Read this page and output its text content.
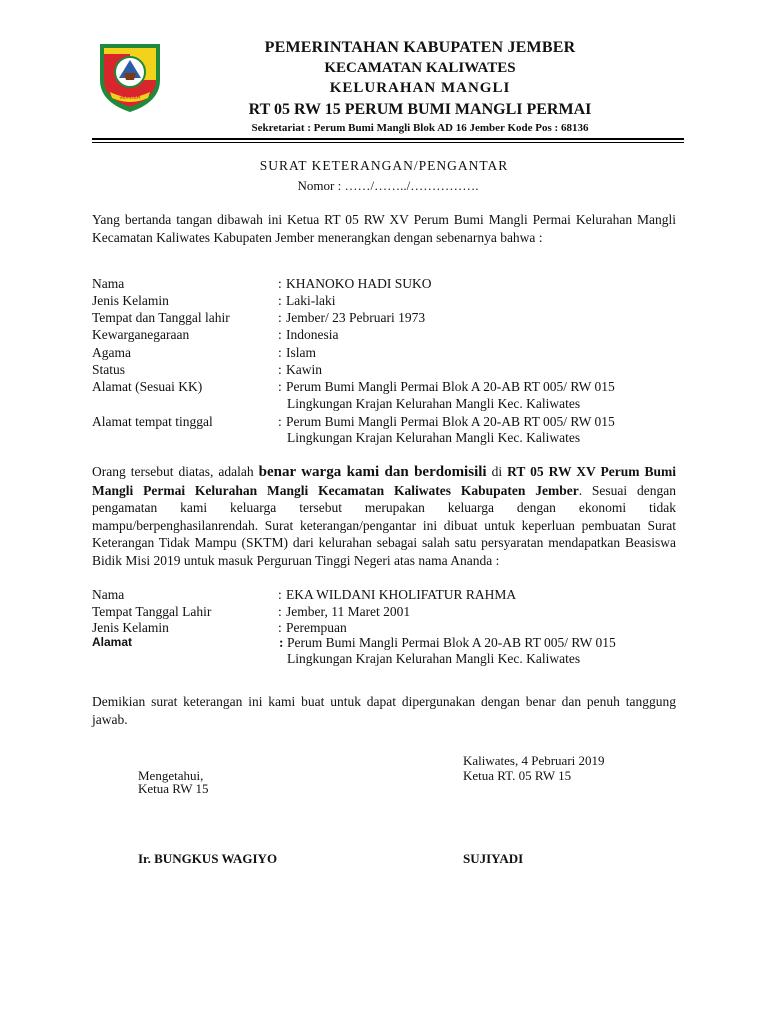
JEMBER
PEMERINTAHAN KABUPATEN JEMBER
KECAMATAN KALIWATES
KELURAHAN MANGLI
RT 05 RW 15 PERUM BUMI MANGLI PERMAI
Sekretariat : Perum Bumi Mangli Blok AD 16 Jember Kode Pos : 68136
SURAT KETERANGAN/PENGANTAR
Nomor : ……/……../…………….
Yang bertanda tangan dibawah ini Ketua RT 05 RW XV Perum Bumi Mangli Permai Kelurahan Mangli Kecamatan Kaliwates Kabupaten Jember menerangkan dengan sebenarnya bahwa :
Nama	: KHANOKO HADI SUKO
Jenis Kelamin	: Laki-laki
Tempat dan Tanggal lahir	: Jember/ 23 Pebruari 1973
Kewarganegaraan	: Indonesia
Agama	: Islam
Status	: Kawin
Alamat (Sesuai KK)	: Perum Bumi Mangli Permai Blok A 20-AB RT 005/ RW 015
Lingkungan Krajan Kelurahan Mangli Kec. Kaliwates
Alamat tempat tinggal	: Perum Bumi Mangli Permai Blok A 20-AB RT 005/ RW 015
Lingkungan Krajan Kelurahan Mangli Kec. Kaliwates
Orang tersebut diatas, adalah benar warga kami dan berdomisili di RT 05 RW XV Perum Bumi Mangli Permai Kelurahan Mangli Kecamatan Kaliwates Kabupaten Jember. Sesuai dengan pengamatan kami keluarga tersebut merupakan keluarga dengan ekonomi tidak mampu/berpenghasilanrendah. Surat keterangan/pengantar ini dibuat untuk keperluan pembuatan Surat Keterangan Tidak Mampu (SKTM) dari kelurahan sebagai salah satu persyaratan mendapatkan Beasiswa Bidik Misi 2019 untuk masuk Perguruan Tinggi Negeri atas nama Ananda :
Nama	: EKA WILDANI KHOLIFATUR RAHMA
Tempat Tanggal Lahir	: Jember, 11 Maret 2001
Jenis Kelamin	: Perempuan
Alamat	: Perum Bumi Mangli Permai Blok A 20-AB RT 005/ RW 015
Lingkungan Krajan Kelurahan Mangli Kec. Kaliwates
Demikian surat keterangan ini kami buat untuk dapat dipergunakan dengan benar dan penuh tanggung jawab.
Kaliwates, 4 Pebruari 2019
Mengetahui,	Ketua RT. 05 RW 15
Ketua RW 15
Ir. BUNGKUS WAGIYO	SUJIYADI
